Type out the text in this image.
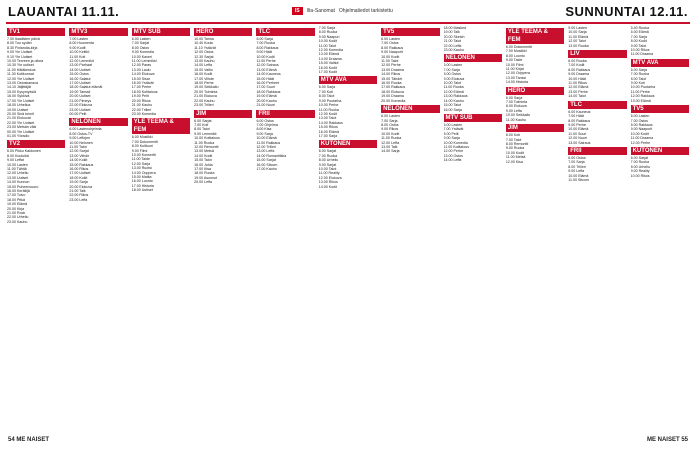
LAUANTAI 11.11.	IS	Ilta-Sanomat Ohjelmatiedot tarkistettu	SUNNUNTAI 12.11.
TV1
7.00 Ikaalisten päivä
8.00 Tuo sydän
8.30 Finlandia-kirja
9.00 Yle Uutiset
9.10 Yle Uutiset
10.00 Terveen ja oikea
10.30 Yle uutiset
11.00 Hätäkeskus
11.30 Kotikunnat
12.00 Yle Uutiset
13.00 Ostoskanava
14.10 Jäljittäjät
15.00 Kysymyksiä
16.00 Sykkivä
17.00 Yle Uutiset
18.00 Urheilua
19.00 Uutiset
20.00 Sinä toimit
21.00 Elokuvat
22.00 Yle Uutiset
23.00 Metsän väki
00.00 Yle Uutiset
01.00 Yöradio
TV2
6.00 Pikku Kakkonen
8.00 Kouluikä
9.00 Leffat
10.00 Lasten
11.00 Tähtiä
12.00 Urheilu
13.00 Uutiset
14.00 Kunnon
15.00 Puheenvuoro
16.00 Keräilijä
17.00 Toivo
18.00 Pitkä
19.00 Elämä
20.00 Kirja
21.00 Rock
22.00 Urheilu
23.00 Kauhu
MTV3
7.00 Lasten
8.00 Huomenta
9.00 Kodit
10.00 Keittiö
11.00 Koti
12.00 Lemmikit
13.00 Parhaat
14.00 Uutiset
15.00 Ostos
16.00 Salatut
17.00 Uutiset
18.00 Salatut elämät
19.00 Tanssii
20.00 Uutiset
21.00 Pimeys
22.00 Elokuva
23.00 Uutiset
00.00 Pelit
NELONEN
6.00 Lastenohjelmia
8.00 Ostos-TV
9.00 Leffojen
10.00 Nelonen
11.00 Talot
12.00 Sarjat
13.00 Viihde
14.00 Kokit
15.00 Rakkaus
16.00 Rikos
17.00 Uutiset
18.00 Kokit
19.00 Sarja
20.00 Elokuva
21.00 Talk
22.00 Rikos
23.00 Leffa
MTV SUB
6.00 Lasten
7.00 Sarjat
8.00 Ostos
9.00 Komedia
10.00 Kaveri
11.00 Lemmikki
12.00 Paras
13.00 Laulu
14.00 Elokuva
15.00 Sisar
16.00 Ystävät
17.00 Perhe
18.00 Kotitalous
19.00 Pelit
20.00 Rikos
21.00 Kauhu
22.00 Trilleri
23.00 Komedia
YLE TEEMA & FEM
6.00 Musiikki
7.00 Dokumentti
8.00 Kulttuuri
9.00 Filmi
10.00 Konsertti
11.00 Taide
12.00 Sarja
13.00 Ruotsi
14.00 Ooppera
15.00 Matka
16.00 Luonto
17.00 Historia
18.00 Uutiset
HERO
10.00 Tarina
10.40 Koulu
11.10 Ystävät
12.00 Ostos
12.30 Sarjat
13.00 Kauhu
14.00 Leffa
15.00 Valtio
16.00 Kodit
17.00 Viihde
18.00 Perhe
19.00 Seikkailu
20.00 Toiminta
21.00 Elokuva
22.00 Kauhu
23.00 Trilleri
JIM
6.00 Sarjat
7.00 Koti
8.00 Talot
9.00 Lemmikit
10.00 Kotitalous
11.00 Ruoka
12.00 Remontti
13.00 Metsä
14.00 Kodit
15.00 Talot
16.00 Juhla
17.00 Kisa
18.00 Ruoka
19.00 Asunnot
20.00 Leffa
TLC
6.00 Sarja
7.00 Ruoka
8.00 Rakkaus
9.00 Häät
10.00 Kodit
11.00 Perhe
12.00 Sairaus
13.00 Elämä
14.00 Kauneus
15.00 Häät
16.00 Perheet
17.00 Suuri
18.00 Rakkaus
19.00 Elämä
20.00 Kauhu
21.00 Nuori
FRII
6.00 Ostos
7.00 Ohjelma
8.00 Kisa
9.00 Sarja
10.00 Elämä
11.00 Rakkaus
12.00 Trilleri
13.00 Leffa
14.00 Romantiikka
15.00 Sarjat
16.00 Sitcom
17.00 Kauhu
7.00 Sarja
8.00 Ruoka
9.00 Naapuri
10.00 Kodit
11.00 Talot
12.00 Komedia
13.00 Elämä
14.00 Draama
15.00 Valtiot
16.00 Kodit
17.00 Kodit
MTV AVA
6.00 Sarja
7.00 Koti
8.00 Talot
9.00 Puutarha
10.00 Perhe
11.00 Ruoka
12.00 Kodit
13.00 Talot
14.00 Rakkaus
15.00 Rikos
16.00 Elämä
17.00 Sarja
KUTONEN
6.00 Sarjat
7.00 Ruoka
8.00 Urheilu
9.00 Sarjat
10.00 Talot
11.00 Reality
12.00 Elokuva
13.00 Rikos
14.00 Kodit
TV5
6.00 Lasten
7.00 Ostos
8.00 Rakkaus
9.00 Naapurit
10.00 Kodit
11.00 Talot
12.00 Perhe
13.00 Draama
14.00 Rikos
15.00 Tähdet
16.00 Ruoka
17.00 Rakkaus
18.00 Elokuva
19.00 Draama
20.00 Komedia
NELONEN
6.00 Lasten
7.00 Sarja
8.00 Ostos
9.00 Rikos
10.00 Kodit
11.00 Ruoka
12.00 Leffa
13.00 Talk
14.00 Sarja
18.00 Masked
19.00 Talk
20.00 Sketch
21.00 Talot
22.00 Leffa
23.00 Kauhu
NELONEN
6.00 Lasten
7.00 Sarja
8.00 Ostos
9.00 Elokuva
10.00 Talot
11.00 Ruoka
12.00 Elämä
13.00 Rakkaus
14.00 Kauhu
15.00 Talot
16.00 Sarja
MTV SUB
6.00 Lasten
7.00 Ystävät
8.00 Pelit
9.00 Sarja
10.00 Komedia
11.00 Kotitalous
12.00 Perhe
13.00 Ostos
14.00 Leffa
YLE TEEMA & FEM
6.00 Dokumentti
7.00 Musiikki
8.00 Luonto
9.00 Taide
10.00 Filmi
11.00 Kirjat
12.00 Ooppera
13.00 Tanssi
14.00 Historia
HERO
6.00 Sarja
7.00 Toiminta
8.00 Elokuva
9.00 Leffa
10.00 Seikkailu
11.00 Kauhu
JIM
6.00 Koti
7.00 Talot
8.00 Remontti
9.00 Ruoka
10.00 Kodit
11.00 Metsä
12.00 Kisa
9.00 Lasten
10.00 Sarja
11.00 Elämä
12.00 Talot
13.00 Ruoka
LIV
6.00 Ruoka
7.00 Kodit
8.00 Rakkaus
9.00 Draama
10.00 Häät
11.00 Rikos
12.00 Elämä
13.00 Perhe
14.00 Talot
TLC
6.00 Kauneus
7.00 Häät
8.00 Rakkaus
9.00 Perhe
10.00 Elämä
11.00 Suuri
12.00 Nuori
13.00 Sairaus
FRII
6.00 Ostos
7.00 Sarja
8.00 Trilleri
9.00 Leffa
10.00 Elämä
11.00 Sitcom
5.40 Ruoka
6.00 Elämä
7.00 Sarja
8.00 Kodit
9.00 Talot
10.00 Rikos
11.00 Draama
MTV AVA
6.00 Sarja
7.00 Ruoka
8.00 Talot
9.00 Koti
10.00 Puutarha
11.00 Perhe
12.00 Rakkaus
13.00 Elämä
TV5
6.00 Lasten
7.00 Ostos
8.00 Rakkaus
9.00 Naapurit
10.00 Kodit
11.00 Draama
12.00 Perhe
KUTONEN
6.00 Sarjat
7.00 Ruoka
8.00 Urheilu
9.00 Reality
10.00 Rikos
54 ME NAISET	ME NAISET 55
